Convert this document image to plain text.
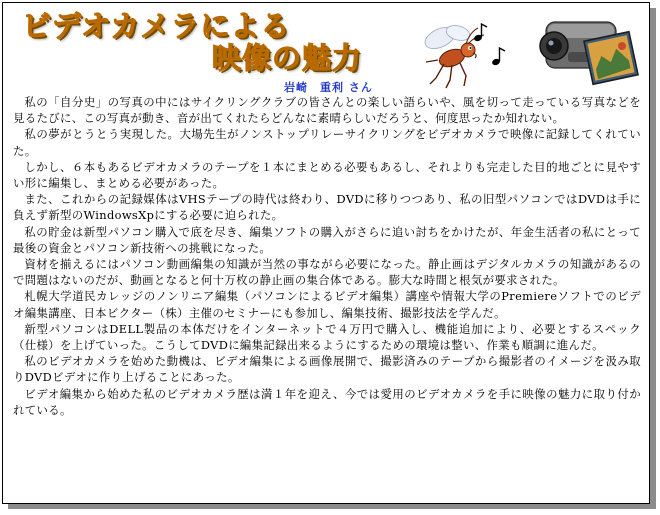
ビデオカメラによる
映像の魅力
岩崎　重利 さん

私の「自分史」の写真の中にはサイクリングクラブの皆さんとの楽しい語らいや、風を切って走っている写真などを見るたびに、この写真が動き、音が出てくれたらどんなに素晴らしいだろうと、何度思ったか知れない。

私の夢がとうとう実現した。大場先生がノンストップリレーサイクリングをビデオカメラで映像に記録してくれていた。

しかし、６本もあるビデオカメラのテープを１本にまとめる必要もあるし、それよりも完走した目的地ごとに見やすい形に編集し、まとめる必要があった。

また、これからの記録媒体はVHSテープの時代は終わり、DVDに移りつつあり、私の旧型パソコンではDVDは手に負えず新型のWindowsXpにする必要に迫られた。

私の貯金は新型パソコン購入で底を尽き、編集ソフトの購入がさらに追い討ちをかけたが、年金生活者の私にとって最後の資金とパソコン新技術への挑戦になった。

資材を揃えるにはパソコン動画編集の知識が当然の事ながら必要になった。静止画はデジタルカメラの知識があるので問題はないのだが、動画となると何十万枚の静止画の集合体である。膨大な時間と根気が要求された。

札幌大学道民カレッジのノンリニア編集（パソコンによるビデオ編集）講座や情報大学のPremiereソフトでのビデオ編集講座、日本ビクター（株）主催のセミナーにも参加し、編集技術、撮影技法を学んだ。

新型パソコンはDELL製品の本体だけをインターネットで４万円で購入し、機能追加により、必要とするスペック（仕様）を上げていった。こうしてDVDに編集記録出来るようにするための環境は整い、作業も順調に進んだ。

私のビデオカメラを始めた動機は、ビデオ編集による画像展開で、撮影済みのテープから撮影者のイメージを汲み取りDVDビデオに作り上げることにあった。

ビデオ編集から始めた私のビデオカメラ歴は満１年を迎え、今では愛用のビデオカメラを手に映像の魅力に取り付かれている。
